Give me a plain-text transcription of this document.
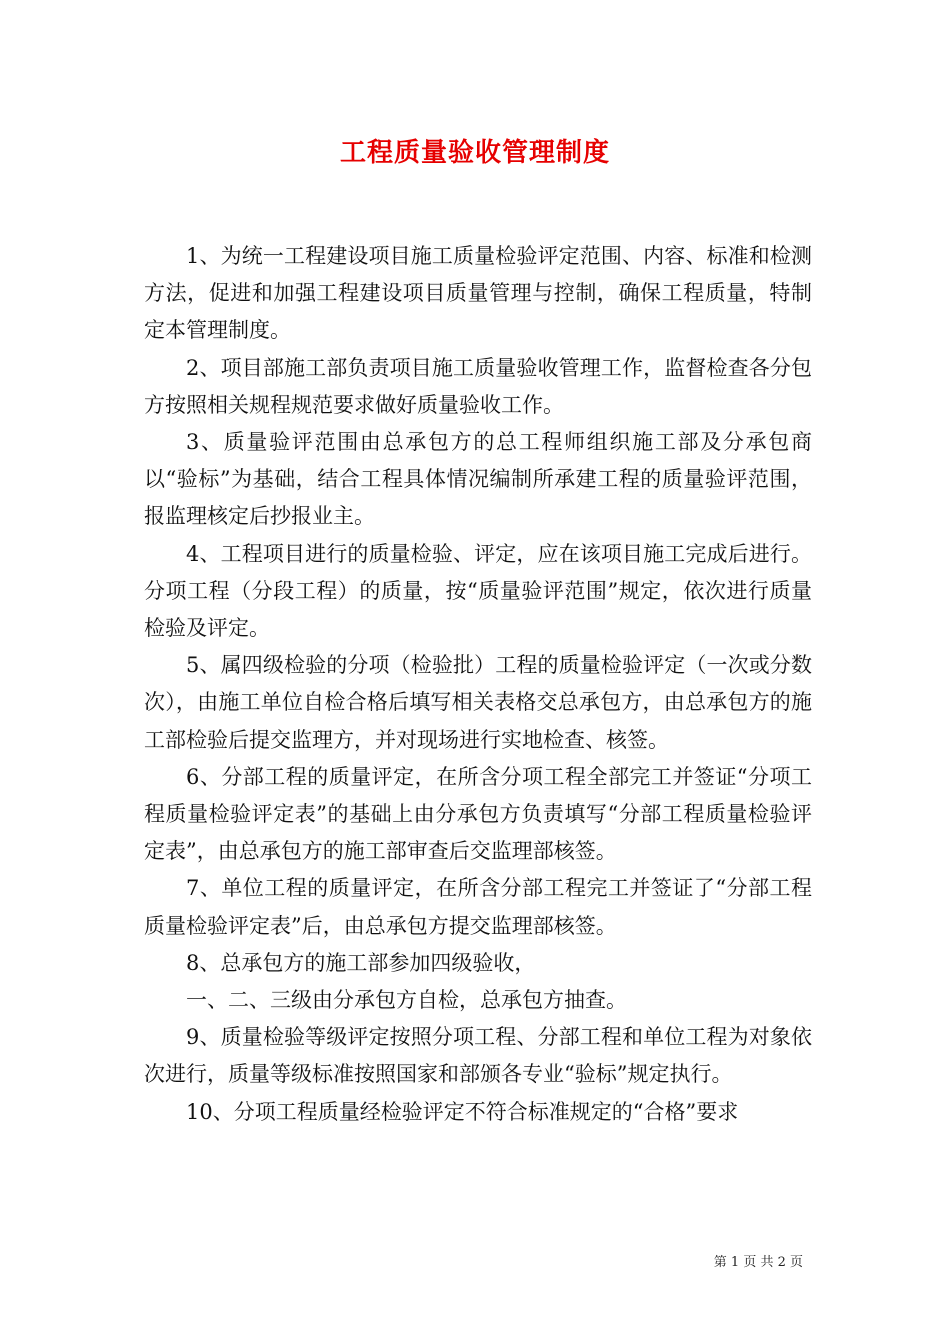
工程质量验收管理制度

1、为统一工程建设项目施工质量检验评定范围、内容、标准和检测方法，促进和加强工程建设项目质量管理与控制，确保工程质量，特制定本管理制度。

2、项目部施工部负责项目施工质量验收管理工作，监督检查各分包方按照相关规程规范要求做好质量验收工作。

3、质量验评范围由总承包方的总工程师组织施工部及分承包商以“验标”为基础，结合工程具体情况编制所承建工程的质量验评范围，报监理核定后抄报业主。

4、工程项目进行的质量检验、评定，应在该项目施工完成后进行。分项工程（分段工程）的质量，按“质量验评范围”规定，依次进行质量检验及评定。

5、属四级检验的分项（检验批）工程的质量检验评定（一次或分数次），由施工单位自检合格后填写相关表格交总承包方，由总承包方的施工部检验后提交监理方，并对现场进行实地检查、核签。

6、分部工程的质量评定，在所含分项工程全部完工并签证“分项工程质量检验评定表”的基础上由分承包方负责填写“分部工程质量检验评定表”，由总承包方的施工部审查后交监理部核签。

7、单位工程的质量评定，在所含分部工程完工并签证了“分部工程质量检验评定表”后，由总承包方提交监理部核签。

8、总承包方的施工部参加四级验收，

一、二、三级由分承包方自检，总承包方抽查。

9、质量检验等级评定按照分项工程、分部工程和单位工程为对象依次进行，质量等级标准按照国家和部颁各专业“验标”规定执行。

10、分项工程质量经检验评定不符合标准规定的“合格”要求

第 1 页 共 2 页
